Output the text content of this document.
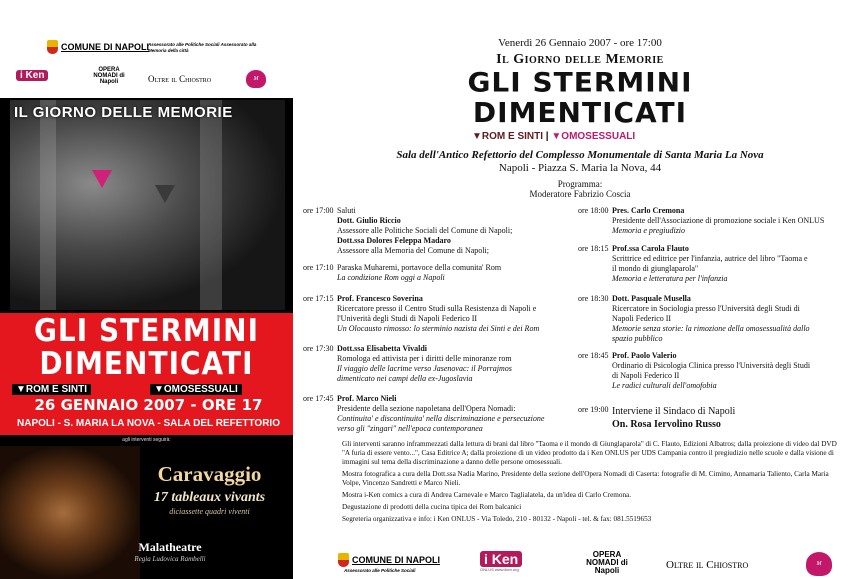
COMUNE DI NAPOLI
Assessorato alle Politiche Sociali Assessorato alla Memoria della città
i Ken	OPERA NOMADI di Napoli	Oltre il Chiostro	M
IL GIORNO DELLE MEMORIE
GLI STERMINI
DIMENTICATI
▼ROM E SINTI	▼OMOSESSUALI
26 GENNAIO 2007 - ORE 17
NAPOLI - S. MARIA LA NOVA - SALA DEL REFETTORIO
agli interventi seguirà:
Caravaggio
17 tableaux vivants
diciassette quadri viventi
Malatheatre
Regia Ludovica Rambelli
Venerdì 26 Gennaio 2007 - ore 17:00
Il Giorno delle Memorie
GLI STERMINI
DIMENTICATI
▼ROM E SINTI | ▼OMOSESSUALI
Sala dell'Antico Refettorio del Complesso Monumentale di Santa Maria La Nova
Napoli - Piazza S. Maria la Nova, 44
Programma:
Moderatore Fabrizio Coscia
ore 17:00 Saluti
Dott. Giulio Riccio
Assessore alle Politiche Sociali del Comune di Napoli;
Dott.ssa Dolores Feleppa Madaro
Assessore alla Memoria del Comune di Napoli;
ore 17:10 Paraska Muharemi, portavoce della comunita' Rom
La condizione Rom oggi a Napoli
ore 17:15 Prof. Francesco Soverina
Ricercatore presso il Centro Studi sulla Resistenza di Napoli e
l'Univerità degli Studi di Napoli Federico II
Un Olocausto rimosso: lo sterminio nazista dei Sinti e dei Rom
ore 17:30 Dott.ssa Elisabetta Vivaldi
Romologa ed attivista per i diritti delle minoranze rom
Il viaggio delle lacrime verso Jasenovac: il Porrajmos
dimenticato nei campi della ex-Jugoslavia
ore 17:45 Prof. Marco Nieli
Presidente della sezione napoletana dell'Opera Nomadi:
Continuita' e discontinuita' nella discriminazione e persecuzione
verso gli "zingari" nell'epoca contemporanea
ore 18:00 Pres. Carlo Cremona
Presidente dell'Associazione di promozione sociale i Ken ONLUS
Memoria e pregiudizio
ore 18:15 Prof.ssa Carola Flauto
Scrittrice ed editrice per l'infanzia, autrice del libro "Taoma e
il mondo di giunglaparola"
Memoria e letteratura per l'infanzia
ore 18:30 Dott. Pasquale Musella
Ricercatore in Sociologia presso l'Università degli Studi di
Napoli Federico II
Memorie senza storie: la rimozione della omosessualità dallo
spazio pubblico
ore 18:45 Prof. Paolo Valerio
Ordinario di Psicologia Clinica presso l'Università degli Studi
di Napoli Federico II
Le radici culturali dell'omofobia
ore 19:00 Interviene il Sindaco di Napoli
On. Rosa Iervolino Russo

Gli interventi saranno inframmezzati dalla lettura di brani dal libro "Taoma e il mondo di Giunglaparola" di C. Flauto, Edizioni Albatros; dalla proiezione di video dal DVD "A furia di essere vento...", Casa Editrice A; dalla proiezione di un video prodotto da i Ken ONLUS per UDS Campania contro il pregiudizio nelle scuole e dalla visione di immagini sul tema della discriminazione a danno delle persone omosessuali.

Mostra fotografica a cura della Dott.ssa Nadia Marino, Presidente della sezione dell'Opera Nomadi di Caserta: fotografie di M. Cimino, Annamaria Taliento, Carla Maria Volpe, Vincenzo Sandretti e Marco Nieli.

Mostra i-Ken comics a cura di Andrea Carnevale e Marco Taglialatela, da un'idea di Carlo Cremona.

Degustazione di prodotti della cucina tipica dei Rom balcanici

Segreteria organizzativa e info: i Ken ONLUS - Via Toledo, 210 - 80132 - Napoli - tel. & fax: 081.5519653

COMUNE DI NAPOLI
Assessorato alle Politiche Sociali
i Ken
ONLUS www.iken.org
OPERA NOMADI di Napoli	Oltre il Chiostro	M
